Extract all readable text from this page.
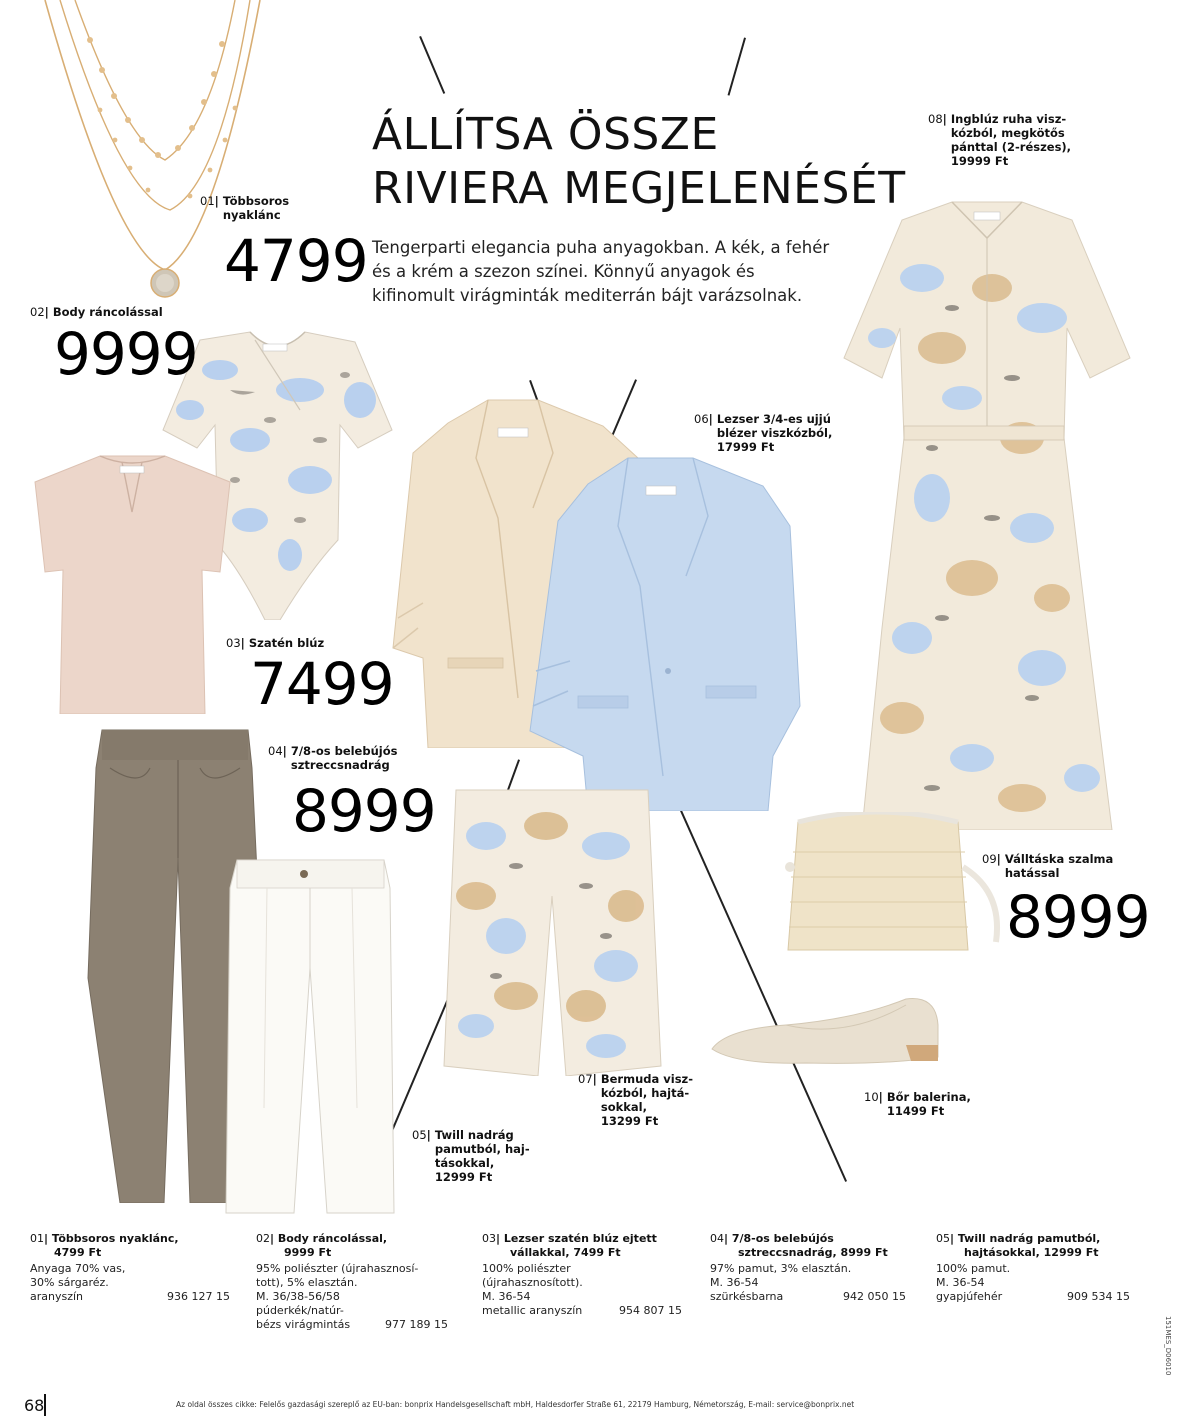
ÁLLÍTSA ÖSSZE
RIVIERA MEGJELENÉSÉT
Tengerparti elegancia puha anyagokban. A kék, a fehér és a krém a szezon színei. Könnyű anyagok és kifinomult virágminták mediterrán bájt varázsolnak.
01| Többsoros
nyaklánc
4799
02| Body ráncolással
9999
03| Szatén blúz
7499
04| 7/8-os belebújós
sztreccsnadrág
8999
05| Twill nadrág
pamutból, haj-
tásokkal,
12999 Ft
06| Lezser 3/4-es ujjú
blézer viszkózból,
17999 Ft
07| Bermuda visz-
kózból, hajtá-
sokkal,
13299 Ft
08| Ingblúz ruha visz-
kózból, megkötős
pánttal (2-részes),
19999 Ft
09| Válltáska szalma
hatással
8999
10| Bőr balerina,
11499 Ft
01| Többsoros nyaklánc,
4799 Ft
Anyaga 70% vas,
30% sárgaréz.
aranyszín	936 127 15
02| Body ráncolással,
9999 Ft
95% poliészter (újrahasznosí-
tott), 5% elasztán.
M. 36/38-56/58
púderkék/natúr-
bézs virágmintás	977 189 15
03| Lezser szatén blúz ejtett
vállakkal, 7499 Ft
100% poliészter
(újrahasznosított).
M. 36-54
metallic aranyszín	954 807 15
04| 7/8-os belebújós
sztreccsnadrág, 8999 Ft
97% pamut, 3% elasztán.
M. 36-54
szürkésbarna	942 050 15
05| Twill nadrág pamutból,
hajtásokkal, 12999 Ft
100% pamut.
M. 36-54
gyapjúfehér	909 534 15
68	Az oldal összes cikke: Felelős gazdasági szereplő az EU-ban: bonprix Handelsgesellschaft mbH, Haldesdorfer Straße 61, 22179 Hamburg, Németország, E-mail: service@bonprix.net
151MES_D06010
